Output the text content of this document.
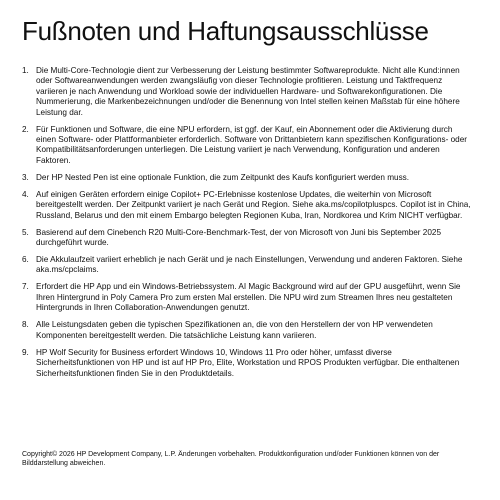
Fußnoten und Haftungsausschlüsse
1. Die Multi-Core-Technologie dient zur Verbesserung der Leistung bestimmter Softwareprodukte. Nicht alle Kund:innen oder Softwareanwendungen werden zwangsläufig von dieser Technologie profitieren. Leistung und Taktfrequenz variieren je nach Anwendung und Workload sowie der individuellen Hardware- und Softwarekonfigurationen. Die Nummerierung, die Markenbezeichnungen und/oder die Benennung von Intel stellen keinen Maßstab für eine höhere Leistung dar.
2. Für Funktionen und Software, die eine NPU erfordern, ist ggf. der Kauf, ein Abonnement oder die Aktivierung durch einen Software- oder Plattformanbieter erforderlich. Software von Drittanbietern kann spezifischen Konfigurations- oder Kompatibilitätsanforderungen unterliegen. Die Leistung variiert je nach Verwendung, Konfiguration und anderen Faktoren.
3. Der HP Nested Pen ist eine optionale Funktion, die zum Zeitpunkt des Kaufs konfiguriert werden muss.
4. Auf einigen Geräten erfordern einige Copilot+ PC-Erlebnisse kostenlose Updates, die weiterhin von Microsoft bereitgestellt werden. Der Zeitpunkt variiert je nach Gerät und Region. Siehe aka.ms/copilotpluspcs. Copilot ist in China, Russland, Belarus und den mit einem Embargo belegten Regionen Kuba, Iran, Nordkorea und Krim NICHT verfügbar.
5. Basierend auf dem Cinebench R20 Multi-Core-Benchmark-Test, der von Microsoft von Juni bis September 2025 durchgeführt wurde.
6. Die Akkulaufzeit variiert erheblich je nach Gerät und je nach Einstellungen, Verwendung und anderen Faktoren. Siehe aka.ms/cpclaims.
7. Erfordert die HP App und ein Windows-Betriebssystem. AI Magic Background wird auf der GPU ausgeführt, wenn Sie Ihren Hintergrund in Poly Camera Pro zum ersten Mal erstellen. Die NPU wird zum Streamen Ihres neu gestalteten Hintergrunds in Ihren Collaboration-Anwendungen genutzt.
8. Alle Leistungsdaten geben die typischen Spezifikationen an, die von den Herstellern der von HP verwendeten Komponenten bereitgestellt werden. Die tatsächliche Leistung kann variieren.
9. HP Wolf Security for Business erfordert Windows 10, Windows 11 Pro oder höher, umfasst diverse Sicherheitsfunktionen von HP und ist auf HP Pro, Elite, Workstation und RPOS Produkten verfügbar. Die enthaltenen Sicherheitsfunktionen finden Sie in den Produktdetails.

Copyright© 2026 HP Development Company, L.P. Änderungen vorbehalten. Produktkonfiguration und/oder Funktionen können von der Bilddarstellung abweichen.
